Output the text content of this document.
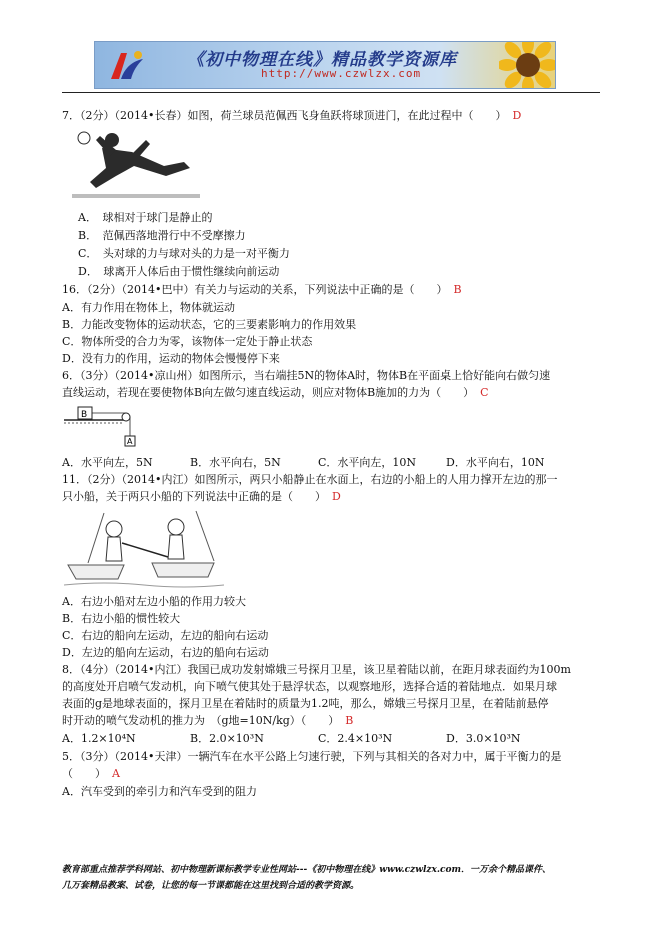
《初中物理在线》精品教学资源库
http://www.czwlzx.com
7．（2分）（2014•长春）如图，荷兰球员范佩西飞身鱼跃将球顶进门，在此过程中（　　） D
A．　球相对于球门是静止的
B．　范佩西落地滑行中不受摩擦力
C．　头对球的力与球对头的力是一对平衡力
D．　球离开人体后由于惯性继续向前运动
16．（2分）（2014•巴中）有关力与运动的关系，下列说法中正确的是（　　） B
A．有力作用在物体上，物体就运动
B．力能改变物体的运动状态，它的三要素影响力的作用效果
C．物体所受的合力为零，该物体一定处于静止状态
D．没有力的作用，运动的物体会慢慢停下来
6．（3分）（2014•凉山州）如图所示，当右端挂5N的物体A时，物体B在平面桌上恰好能向右做匀速
直线运动，若现在要使物体B向左做匀速直线运动，则应对物体B施加的力为（　　） C
B
A
A．水平向左，5N	B．水平向右，5N	C．水平向左，10N	D．水平向右，10N
11．（2分）（2014•内江）如图所示，两只小船静止在水面上，右边的小船上的人用力撑开左边的那一
只小船，关于两只小船的下列说法中正确的是（　　） D
A．右边小船对左边小船的作用力较大
B．右边小船的惯性较大
C．右边的船向左运动，左边的船向右运动
D．左边的船向左运动，右边的船向右运动
8．（4分）（2014•内江）我国已成功发射嫦娥三号探月卫星，该卫星着陆以前，在距月球表面约为100m
的高度处开启喷气发动机，向下喷气使其处于悬浮状态，以观察地形，选择合适的着陆地点．如果月球
表面的g是地球表面的，探月卫星在着陆时的质量为1.2吨，那么，嫦娥三号探月卫星，在着陆前悬停
时开动的喷气发动机的推力为　（g地=10N/kg）（　　） B
A．1.2×10⁴N	B．2.0×10³N	C．2.4×10³N	D．3.0×10³N
5．（3分）（2014•天津）一辆汽车在水平公路上匀速行驶，下列与其相关的各对力中，属于平衡力的是
（　　） A
A．汽车受到的牵引力和汽车受到的阻力
教育部重点推荐学科网站、初中物理新课标教学专业性网站---《初中物理在线》www.czwlzx.com．一万余个精品课件、
几万套精品教案、试卷，让您的每一节课都能在这里找到合适的教学资源。
